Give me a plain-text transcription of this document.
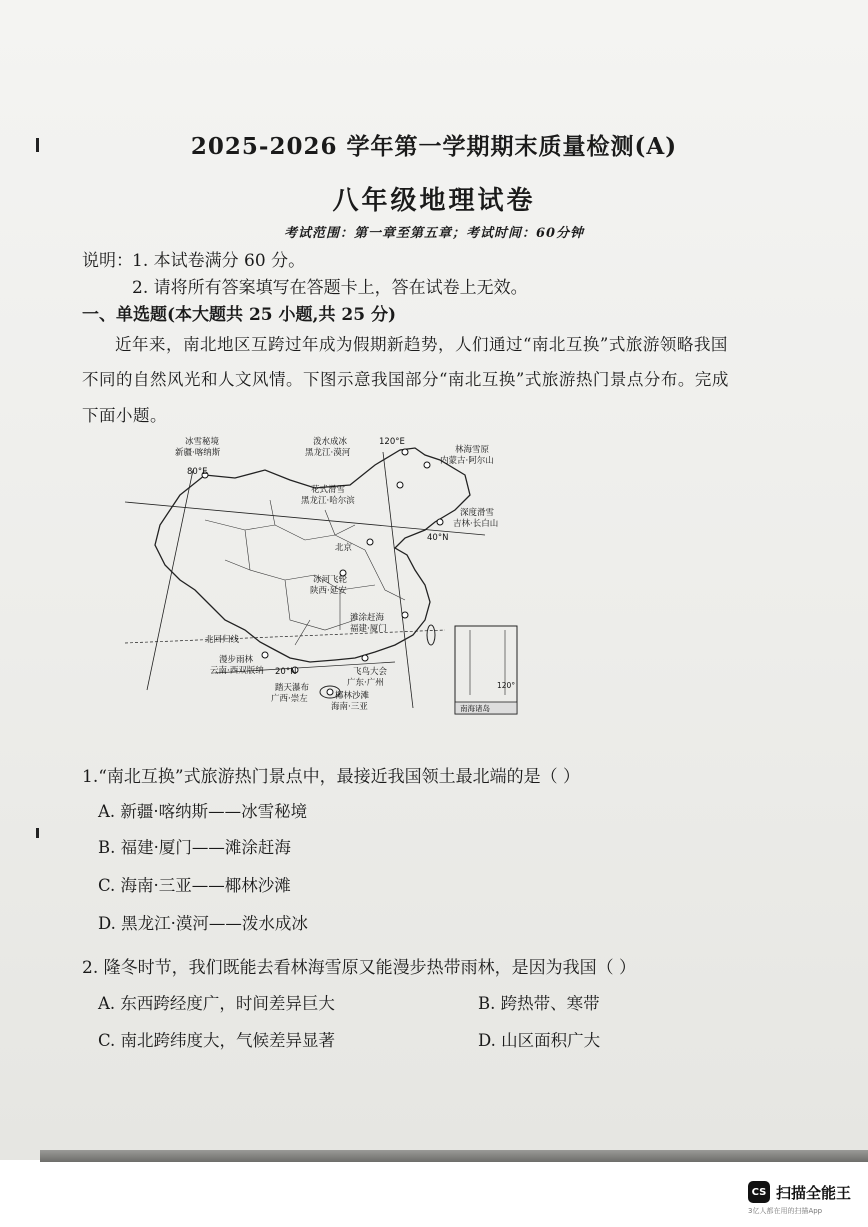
2025-2026 学年第一学期期末质量检测(A)
八年级地理试卷
考试范围：第一章至第五章；考试时间：60分钟
说明： 1. 本试卷满分 60 分。
2. 请将所有答案填写在答题卡上，答在试卷上无效。
一、单选题(本大题共 25 小题,共 25 分)
近年来，南北地区互跨过年成为假期新趋势，人们通过“南北互换”式旅游领略我国
不同的自然风光和人文风情。下图示意我国部分“南北互换”式旅游热门景点分布。完成
下面小题。
南海诸岛
120°
冰雪秘境
新疆·喀纳斯
80°E
泼水成冰
黑龙江·漠河
120°E
林海雪原
内蒙古·阿尔山
花式滑雪
黑龙江·哈尔滨
深度滑雪
吉林·长白山
40°N
北京
冰河飞轮
陕西·延安
滩涂赶海
福建·厦门
北回归线
漫步雨林
云南·西双版纳 20°N	飞鸟大会
广东·广州
踏天瀑布
广西·崇左	椰林沙滩
海南·三亚
1.“南北互换”式旅游热门景点中，最接近我国领土最北端的是（ ）
A. 新疆·喀纳斯——冰雪秘境
B. 福建·厦门——滩涂赶海
C. 海南·三亚——椰林沙滩
D. 黑龙江·漠河——泼水成冰
2. 隆冬时节，我们既能去看林海雪原又能漫步热带雨林，是因为我国（ ）
A. 东西跨经度广，时间差异巨大	B. 跨热带、寒带
C. 南北跨纬度大，气候差异显著	D. 山区面积广大
CS 扫描全能王
3亿人都在用的扫描App
